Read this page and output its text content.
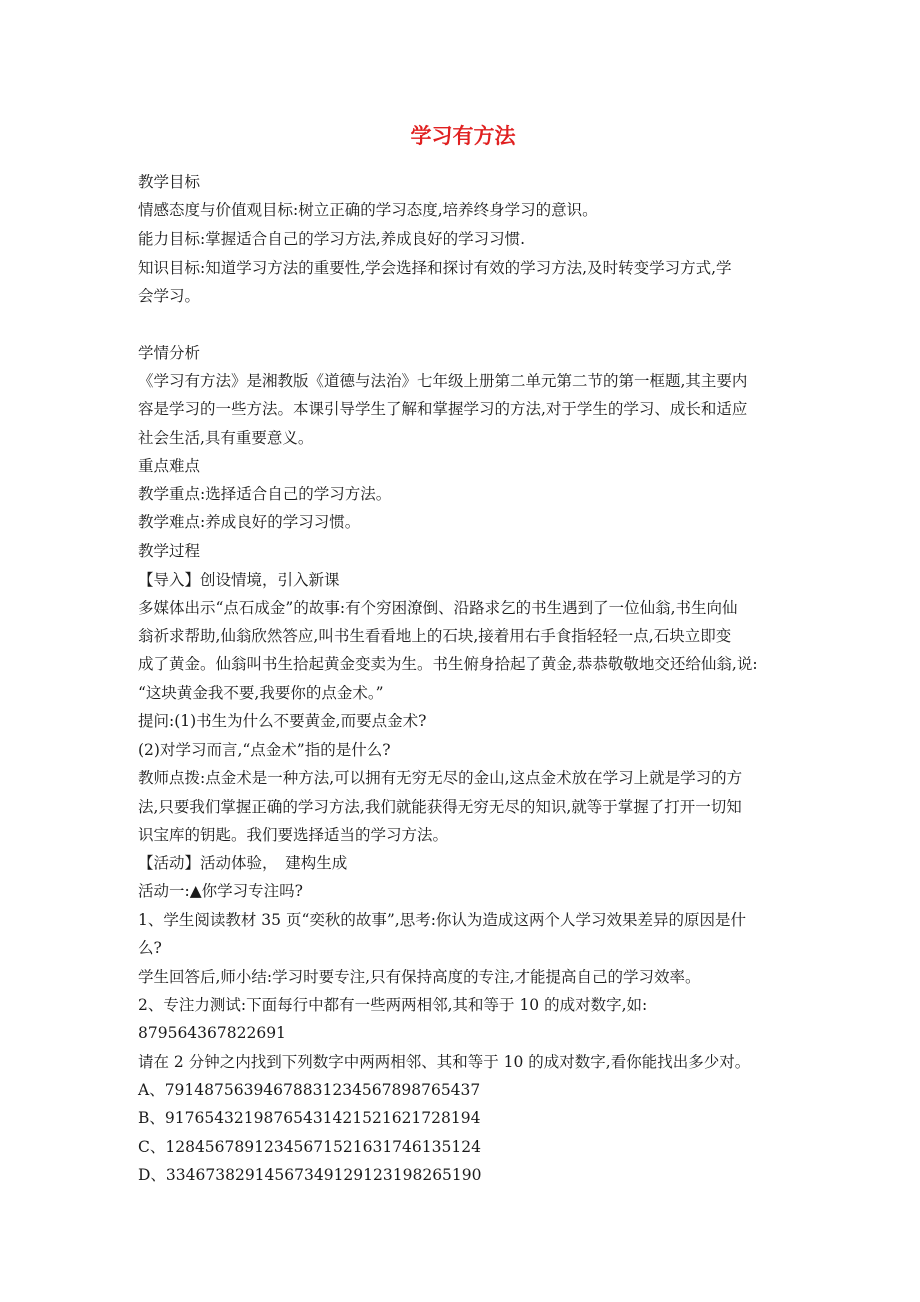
学习有方法
教学目标
情感态度与价值观目标:树立正确的学习态度,培养终身学习的意识。
能力目标:掌握适合自己的学习方法,养成良好的学习习惯.
知识目标:知道学习方法的重要性,学会选择和探讨有效的学习方法,及时转变学习方式,学
会学习。
学情分析
《学习有方法》是湘教版《道德与法治》七年级上册第二单元第二节的第一框题,其主要内
容是学习的一些方法。本课引导学生了解和掌握学习的方法,对于学生的学习、成长和适应
社会生活,具有重要意义。
重点难点
教学重点:选择适合自己的学习方法。
教学难点:养成良好的学习习惯。
教学过程
【导入】创设情境，引入新课
多媒体出示“点石成金”的故事:有个穷困潦倒、沿路求乞的书生遇到了一位仙翁,书生向仙
翁祈求帮助,仙翁欣然答应,叫书生看看地上的石块,接着用右手食指轻轻一点,石块立即变
成了黄金。仙翁叫书生拾起黄金变卖为生。书生俯身拾起了黄金,恭恭敬敬地交还给仙翁,说:
“这块黄金我不要,我要你的点金术。”
提问:(1)书生为什么不要黄金,而要点金术?
(2)对学习而言,“点金术”指的是什么?
教师点拨:点金术是一种方法,可以拥有无穷无尽的金山,这点金术放在学习上就是学习的方
法,只要我们掌握正确的学习方法,我们就能获得无穷无尽的知识,就等于掌握了打开一切知
识宝库的钥匙。我们要选择适当的学习方法。
【活动】活动体验，　建构生成
活动一:▲你学习专注吗?
1、学生阅读教材 35 页“奕秋的故事”,思考:你认为造成这两个人学习效果差异的原因是什
么?
学生回答后,师小结:学习时要专注,只有保持高度的专注,才能提高自己的学习效率。
2、专注力测试:下面每行中都有一些两两相邻,其和等于 10 的成对数字,如:
879564367822691
请在 2 分钟之内找到下列数字中两两相邻、其和等于 10 的成对数字,看你能找出多少对。
A、79148756394678831234567898765437
B、91765432198765431421521621728194
C、12845678912345671521631746135124
D、33467382914567349129123198265190
